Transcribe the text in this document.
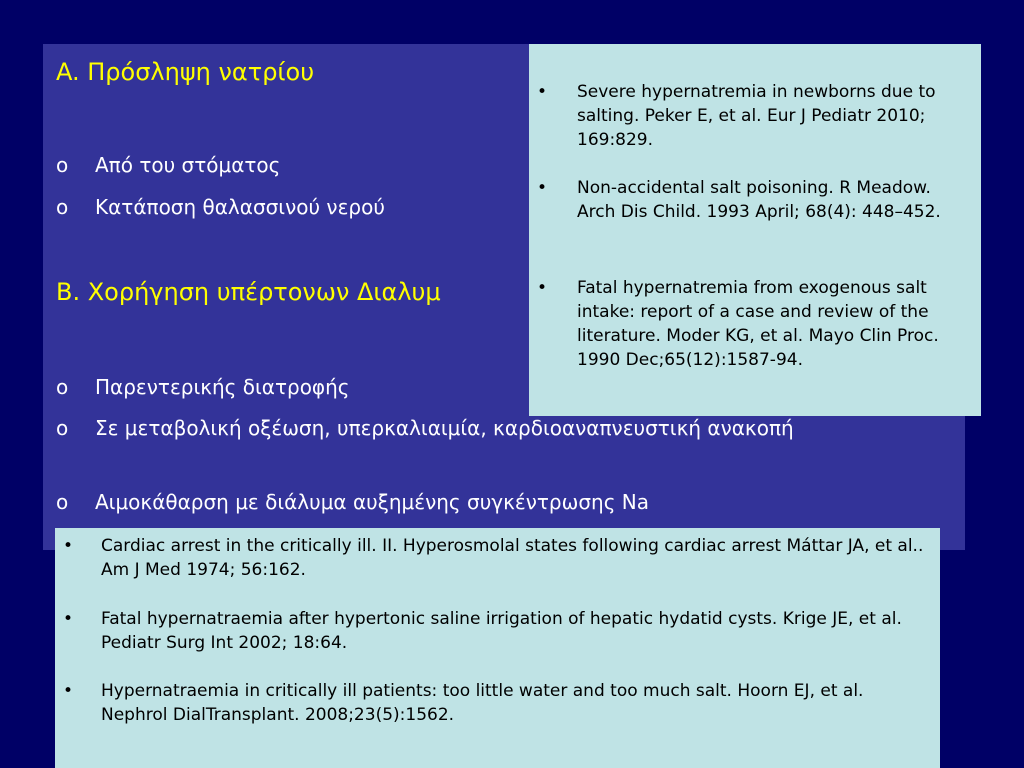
A. Πρόσληψη νατρίου
o Από του στόματος
o Κατάποση θαλασσινού νερού
B. Χορήγηση υπέρτονων Διαλυμ
o Παρεντερικής διατροφής
o Σε μεταβολική οξέωση, υπερκαλιαιμία, καρδιοαναπνευστική ανακοπή
o Αιμοκάθαρση με διάλυμα αυξημένης συγκέντρωσης Na
• Severe hypernatremia in newborns due to salting. Peker E, et al. Eur J Pediatr 2010; 169:829.
• Non-accidental salt poisoning. R Meadow. Arch Dis Child. 1993 April; 68(4): 448–452.
• Fatal hypernatremia from exogenous salt intake: report of a case and review of the literature. Moder KG, et al. Mayo Clin Proc. 1990 Dec;65(12):1587-94.
• Cardiac arrest in the critically ill. II. Hyperosmolal states following cardiac arrest Máttar JA, et al.. Am J Med 1974; 56:162.
• Fatal hypernatraemia after hypertonic saline irrigation of hepatic hydatid cysts. Krige JE, et al. Pediatr Surg Int 2002; 18:64.
• Hypernatraemia in critically ill patients: too little water and too much salt. Hoorn EJ, et al. Nephrol DialTransplant. 2008;23(5):1562.
